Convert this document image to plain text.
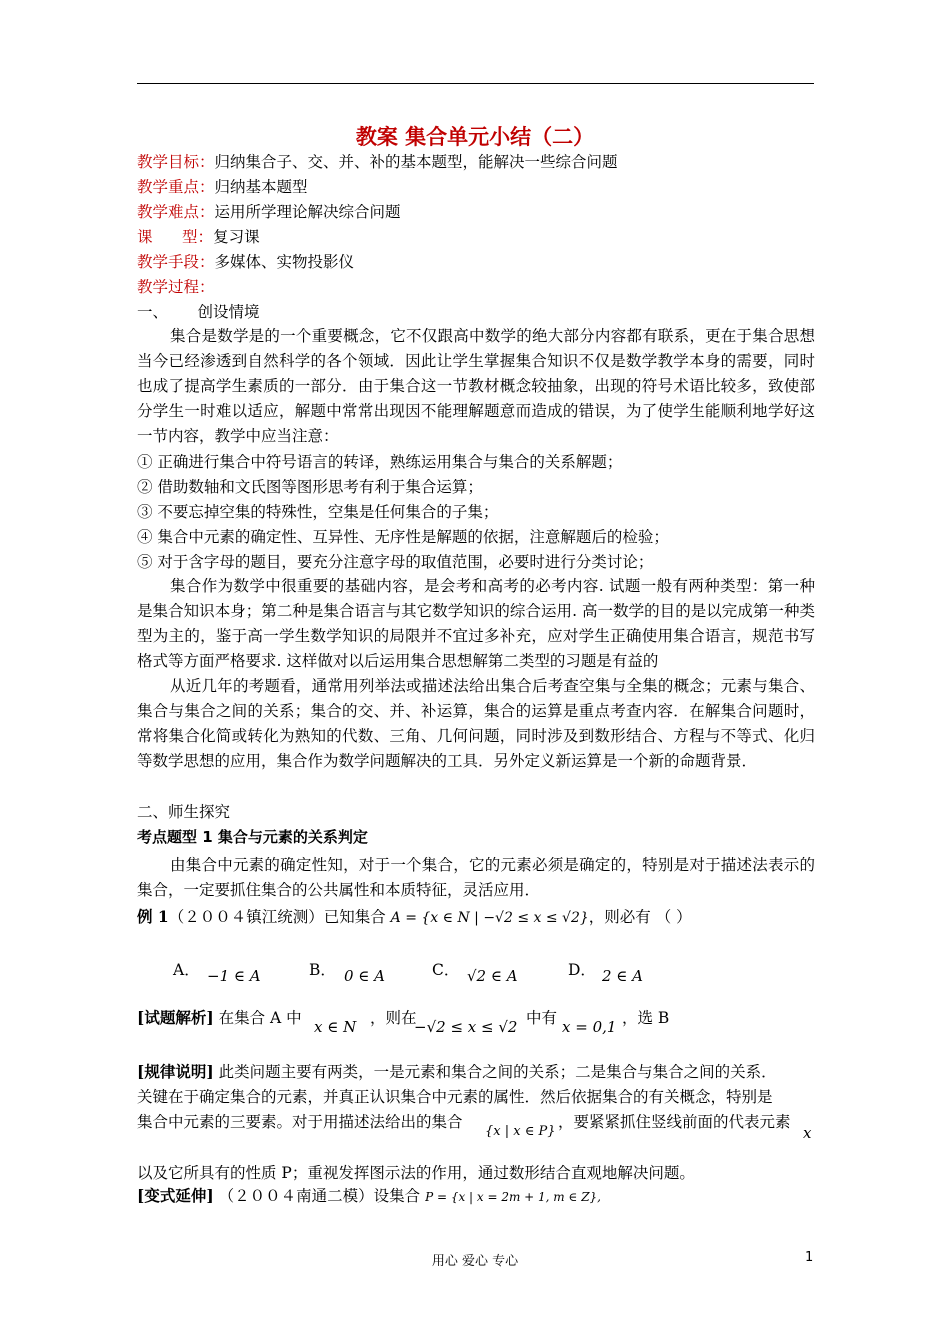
教案 集合单元小结（二）
教学目标：归纳集合子、交、并、补的基本题型，能解决一些综合问题
教学重点：归纳基本题型
教学难点：运用所学理论解决综合问题
课      型：复习课
教学手段：多媒体、实物投影仪
教学过程：
一、      创设情境
集合是数学是的一个重要概念，它不仅跟高中数学的绝大部分内容都有联系，更在于集合思想当今已经渗透到自然科学的各个领域．因此让学生掌握集合知识不仅是数学教学本身的需要，同时也成了提高学生素质的一部分．由于集合这一节教材概念较抽象，出现的符号术语比较多，致使部分学生一时难以适应，解题中常常出现因不能理解题意而造成的错误，为了使学生能顺利地学好这一节内容，教学中应当注意：
① 正确进行集合中符号语言的转译，熟练运用集合与集合的关系解题；
② 借助数轴和文氏图等图形思考有利于集合运算；
③ 不要忘掉空集的特殊性，空集是任何集合的子集；
④ 集合中元素的确定性、互异性、无序性是解题的依据，注意解题后的检验；
⑤ 对于含字母的题目，要充分注意字母的取值范围，必要时进行分类讨论；
集合作为数学中很重要的基础内容，是会考和高考的必考内容. 试题一般有两种类型：第一种是集合知识本身；第二种是集合语言与其它数学知识的综合运用. 高一数学的目的是以完成第一种类型为主的，鉴于高一学生数学知识的局限并不宜过多补充，应对学生正确使用集合语言，规范书写格式等方面严格要求. 这样做对以后运用集合思想解第二类型的习题是有益的
从近几年的考题看，通常用列举法或描述法给出集合后考查空集与全集的概念；元素与集合、集合与集合之间的关系；集合的交、并、补运算，集合的运算是重点考查内容．在解集合问题时，常将集合化简或转化为熟知的代数、三角、几何问题，同时涉及到数形结合、方程与不等式、化归等数学思想的应用，集合作为数学问题解决的工具．另外定义新运算是一个新的命题背景．
二、师生探究
考点题型 1 集合与元素的关系判定
由集合中元素的确定性知，对于一个集合，它的元素必须是确定的，特别是对于描述法表示的集合，一定要抓住集合的公共属性和本质特征，灵活应用．
例 1（２００４镇江统测）已知集合 A = {x ∈ N | −√2 ≤ x ≤ √2}，则必有 （ ）
A． −1 ∈ A	B． 0 ∈ A	C． √2 ∈ A	D． 2 ∈ A
[试题解析] 在集合 A 中 x ∈ N ，则在
−√2 ≤ x ≤ √2 中有 x = 0,1 ，选 B
[规律说明] 此类问题主要有两类，一是元素和集合之间的关系；二是集合与集合之间的关系．
关键在于确定集合的元素，并真正认识集合中元素的属性．然后依据集合的有关概念，特别是
集合中元素的三要素。对于用描述法给出的集合
{x | x ∈ P}
，要紧紧抓住竖线前面的代表元素
x
以及它所具有的性质 P；重视发挥图示法的作用，通过数形结合直观地解决问题。
[变式延伸] （２００４南通二模）设集合 P = {x | x = 2m + 1, m ∈ Z},
用心 爱心 专心	1
